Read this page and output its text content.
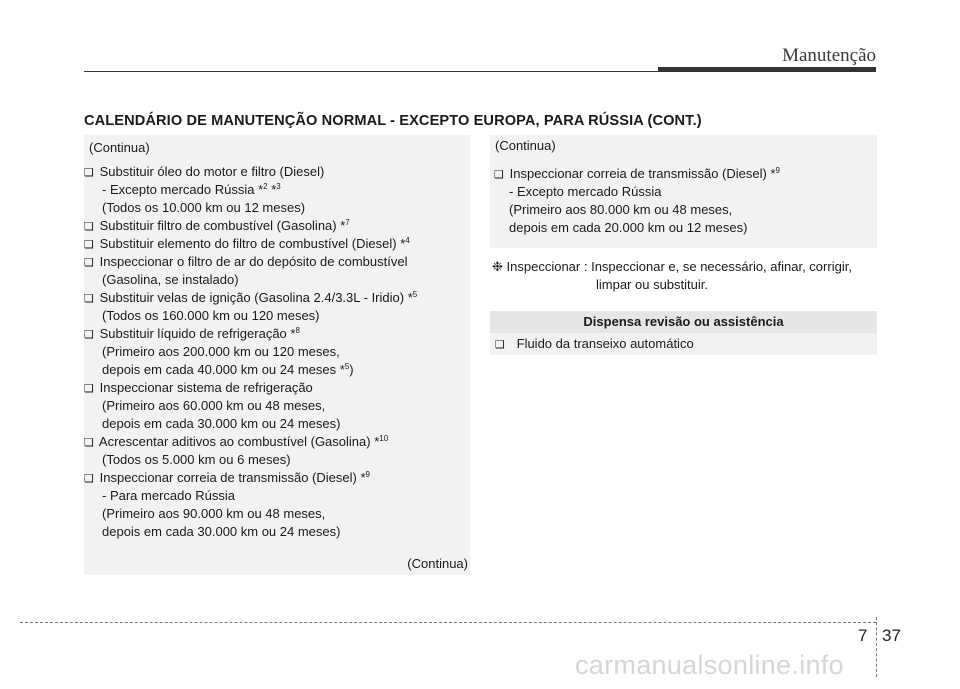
Manutenção
CALENDÁRIO DE MANUTENÇÃO NORMAL - EXCEPTO EUROPA, PARA RÚSSIA (CONT.)
(Continua)
❑ Substituir óleo do motor e filtro (Diesel)
- Excepto mercado Rússia *$^2$ *$^3$
(Todos os 10.000 km ou 12 meses)
❑ Substituir filtro de combustível (Gasolina) *$^7$
❑ Substituir elemento do filtro de combustível (Diesel) *$^4$
❑ Inspeccionar o filtro de ar do depósito de combustível
(Gasolina, se instalado)
❑ Substituir velas de ignição (Gasolina 2.4/3.3L - Iridio) *$^5$
(Todos os 160.000 km ou 120 meses)
❑ Substituir líquido de refrigeração *$^8$
(Primeiro aos 200.000 km ou 120 meses,
depois em cada 40.000 km ou 24 meses *$^5$)
❑ Inspeccionar sistema de refrigeração
(Primeiro aos 60.000 km ou 48 meses,
depois em cada 30.000 km ou 24 meses)
❑ Acrescentar aditivos ao combustível (Gasolina) *$^{10}$
(Todos os 5.000 km ou 6 meses)
❑ Inspeccionar correia de transmissão (Diesel) *$^9$
- Para mercado Rússia
(Primeiro aos 90.000 km ou 48 meses,
depois em cada 30.000 km ou 24 meses)
(Continua)
(Continua)
❑ Inspeccionar correia de transmissão (Diesel) *$^9$
- Excepto mercado Rússia
(Primeiro aos 80.000 km ou 48 meses,
depois em cada 20.000 km ou 12 meses)
❉ Inspeccionar : Inspeccionar e, se necessário, afinar, corrigir,
limpar ou substituir.
Dispensa revisão ou assistência
❑ Fluido da transeixo automático
7 37
carmanualsonline.info
